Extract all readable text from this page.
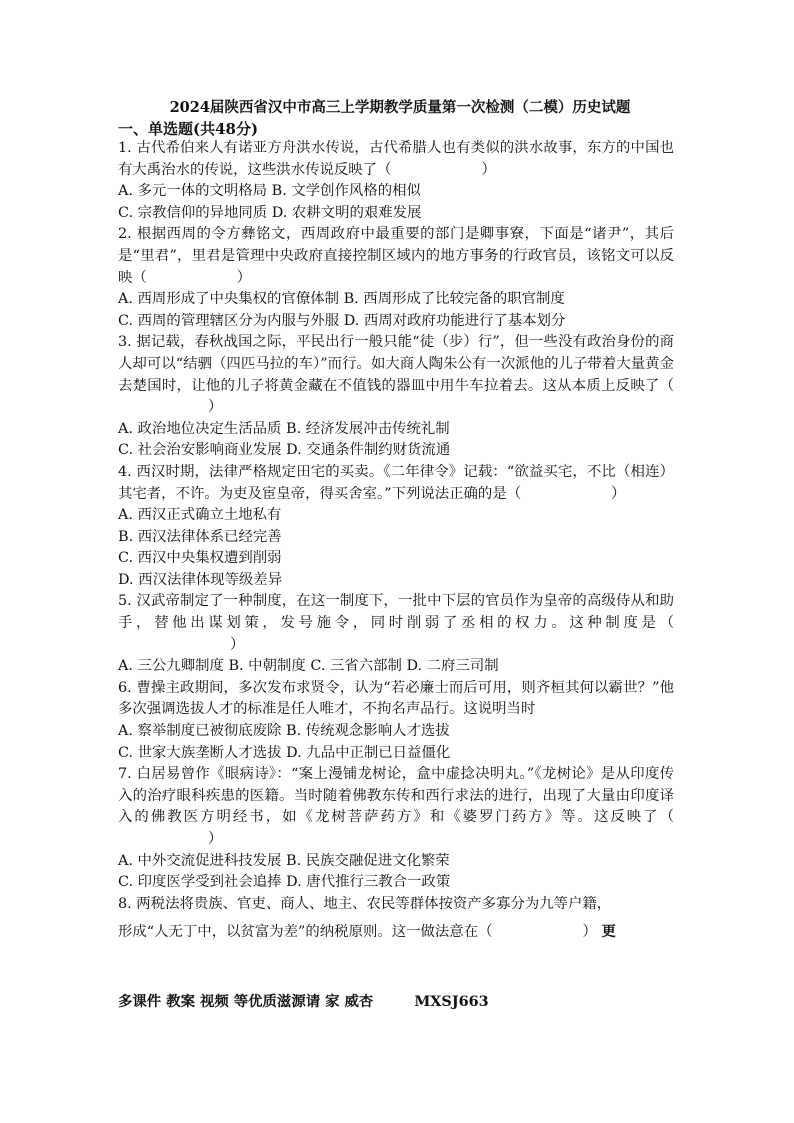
2024届陕西省汉中市高三上学期教学质量第一次检测（二模）历史试题
一、单选题(共48分)

1. 古代希伯来人有诺亚方舟洪水传说，古代希腊人也有类似的洪水故事，东方的中国也有大禹治水的传说，这些洪水传说反映了（	）

A. 多元一体的文明格局 B. 文学创作风格的相似

C. 宗教信仰的异地同质 D. 农耕文明的艰难发展

2. 根据西周的令方彝铭文，西周政府中最重要的部门是卿事寮，下面是“诸尹”，其后是“里君”，里君是管理中央政府直接控制区域内的地方事务的行政官员，该铭文可以反映（	）

A. 西周形成了中央集权的官僚体制 B. 西周形成了比较完备的职官制度

C. 西周的管理辖区分为内服与外服 D. 西周对政府功能进行了基本划分

3. 据记载，春秋战国之际，平民出行一般只能“徒（步）行”，但一些没有政治身份的商人却可以“结驷（四匹马拉的车）”而行。如大商人陶朱公有一次派他的儿子带着大量黄金去楚国时，让他的儿子将黄金藏在不值钱的器皿中用牛车拉着去。这从本质上反映了（）

A. 政治地位决定生活品质 B. 经济发展冲击传统礼制

C. 社会治安影响商业发展 D. 交通条件制约财货流通

4. 西汉时期，法律严格规定田宅的买卖。《二年律令》记载：“欲益买宅，不比（相连）其宅者，不许。为吏及宦皇帝，得买舍室。”下列说法正确的是（	）

A. 西汉正式确立土地私有

B. 西汉法律体系已经完善

C. 西汉中央集权遭到削弱

D. 西汉法律体现等级差异

5. 汉武帝制定了一种制度，在这一制度下，一批中下层的官员作为皇帝的高级侍从和助手，替他出谋划策，发号施令，同时削弱了丞相的权力。这种制度是（）

A. 三公九卿制度 B. 中朝制度 C. 三省六部制 D. 二府三司制

6. 曹操主政期间，多次发布求贤令，认为“若必廉士而后可用，则齐桓其何以霸世？”他多次强调选拔人才的标准是任人唯才，不拘名声品行。这说明当时

A. 察举制度已被彻底废除 B. 传统观念影响人才选拔

C. 世家大族垄断人才选拔 D. 九品中正制已日益僵化

7. 白居易曾作《眼病诗》：“案上漫铺龙树论，盒中虚捻决明丸。”《龙树论》是从印度传入的治疗眼科疾患的医籍。当时随着佛教东传和西行求法的进行，出现了大量由印度译入的佛教医方明经书，如《龙树菩萨药方》和《婆罗门药方》等。这反映了（）

A. 中外交流促进科技发展 B. 民族交融促进文化繁荣

C. 印度医学受到社会追捧 D. 唐代推行三教合一政策

8. 两税法将贵族、官吏、商人、地主、农民等群体按资产多寡分为九等户籍，

形成“人无丁中，以贫富为差”的纳税原则。这一做法意在（	） 更

多课件 教案 视频 等优质滋源请 家 威杏	MXSJ663
